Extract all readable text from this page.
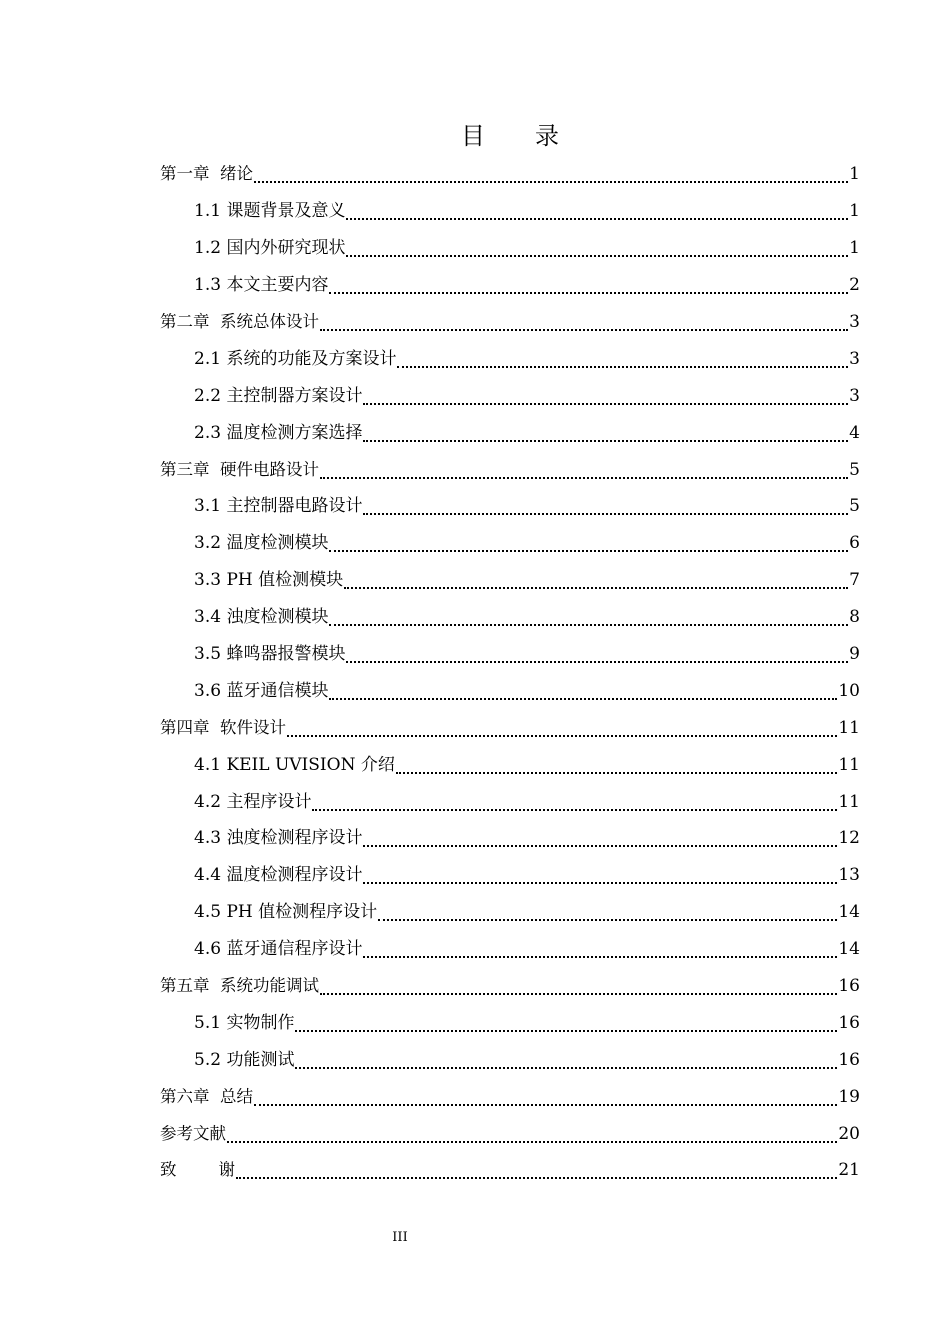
目 录
第一章  绪论	1
1.1 课题背景及意义	1
1.2 国内外研究现状	1
1.3 本文主要内容	2
第二章  系统总体设计	3
2.1 系统的功能及方案设计	3
2.2 主控制器方案设计	3
2.3 温度检测方案选择	4
第三章  硬件电路设计	5
3.1 主控制器电路设计	5
3.2 温度检测模块	6
3.3 PH 值检测模块	7
3.4 浊度检测模块	8
3.5 蜂鸣器报警模块	9
3.6 蓝牙通信模块	10
第四章  软件设计	11
4.1 KEIL UVISION 介绍	11
4.2 主程序设计	11
4.3 浊度检测程序设计	12
4.4 温度检测程序设计	13
4.5 PH 值检测程序设计	14
4.6 蓝牙通信程序设计	14
第五章  系统功能调试	16
5.1 实物制作	16
5.2 功能测试	16
第六章  总结	19
参考文献	20
致        谢	21
III
